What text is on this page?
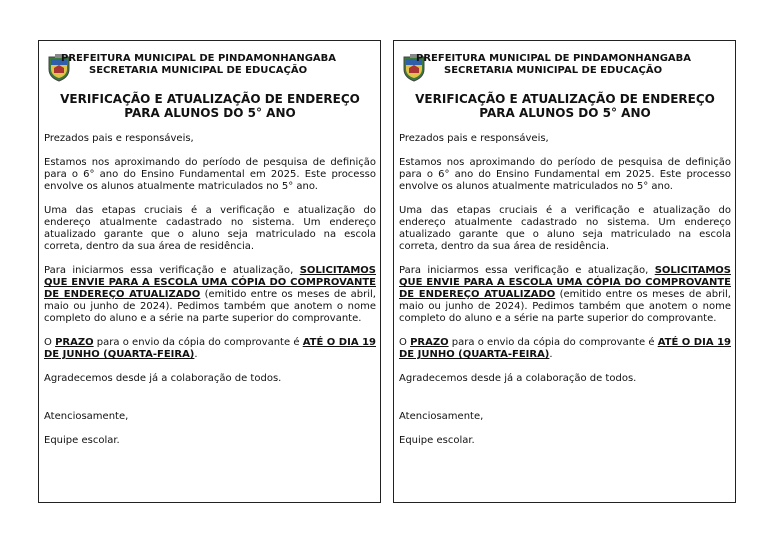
PREFEITURA MUNICIPAL DE PINDAMONHANGABA
SECRETARIA MUNICIPAL DE EDUCAÇÃO
VERIFICAÇÃO E ATUALIZAÇÃO DE ENDEREÇO
PARA ALUNOS DO 5° ANO

Prezados pais e responsáveis,

Estamos nos aproximando do período de pesquisa de definição para o 6° ano do Ensino Fundamental em 2025. Este processo envolve os alunos atualmente matriculados no 5° ano.

Uma das etapas cruciais é a verificação e atualização do endereço atualmente cadastrado no sistema. Um endereço atualizado garante que o aluno seja matriculado na escola correta, dentro da sua área de residência.

Para iniciarmos essa verificação e atualização, SOLICITAMOS QUE ENVIE PARA A ESCOLA UMA CÓPIA DO COMPROVANTE DE ENDEREÇO ATUALIZADO (emitido entre os meses de abril, maio ou junho de 2024). Pedimos também que anotem o nome completo do aluno e a série na parte superior do comprovante.

O PRAZO para o envio da cópia do comprovante é ATÉ O DIA 19 DE JUNHO (QUARTA-FEIRA).

Agradecemos desde já a colaboração de todos.

Atenciosamente,

Equipe escolar.

PREFEITURA MUNICIPAL DE PINDAMONHANGABA
SECRETARIA MUNICIPAL DE EDUCAÇÃO
VERIFICAÇÃO E ATUALIZAÇÃO DE ENDEREÇO
PARA ALUNOS DO 5° ANO

Prezados pais e responsáveis,

Estamos nos aproximando do período de pesquisa de definição para o 6° ano do Ensino Fundamental em 2025. Este processo envolve os alunos atualmente matriculados no 5° ano.

Uma das etapas cruciais é a verificação e atualização do endereço atualmente cadastrado no sistema. Um endereço atualizado garante que o aluno seja matriculado na escola correta, dentro da sua área de residência.

Para iniciarmos essa verificação e atualização, SOLICITAMOS QUE ENVIE PARA A ESCOLA UMA CÓPIA DO COMPROVANTE DE ENDEREÇO ATUALIZADO (emitido entre os meses de abril, maio ou junho de 2024). Pedimos também que anotem o nome completo do aluno e a série na parte superior do comprovante.

O PRAZO para o envio da cópia do comprovante é ATÉ O DIA 19 DE JUNHO (QUARTA-FEIRA).

Agradecemos desde já a colaboração de todos.

Atenciosamente,

Equipe escolar.
